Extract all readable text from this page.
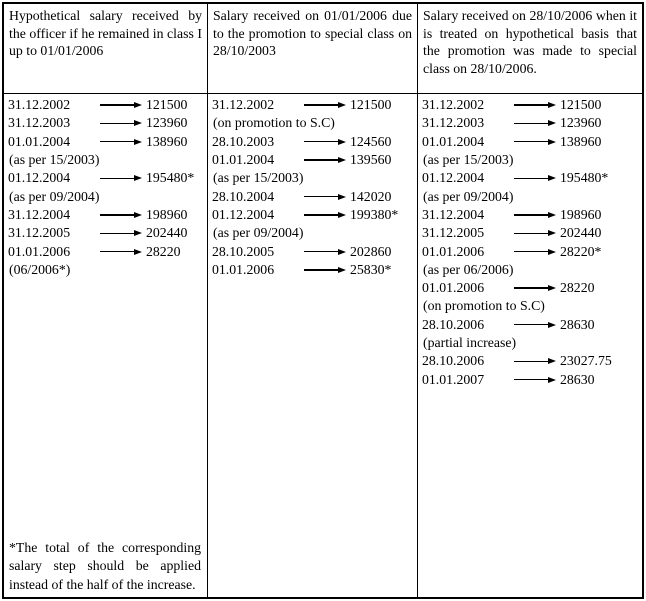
Hypothetical salary received by the officer if he remained in class I up to 01/01/2006
Salary received on 01/01/2006 due to the promotion to special class on 28/10/2003
Salary received on 28/10/2006 when it is treated on hypothetical basis that the promotion was made to special class on 28/10/2006.
31.12.2002	121500
31.12.2003	123960
01.01.2004	138960
(as per 15/2003)
01.12.2004	195480*
(as per 09/2004)
31.12.2004	198960
31.12.2005	202440
01.01.2006	28220
(06/2006*)
*The total of the corresponding salary step should be applied instead of the half of the increase.
31.12.2002	121500
(on promotion to S.C)
28.10.2003	124560
01.01.2004	139560
(as per 15/2003)
28.10.2004	142020
01.12.2004	199380*
(as per 09/2004)
28.10.2005	202860
01.01.2006	25830*
31.12.2002	121500
31.12.2003	123960
01.01.2004	138960
(as per 15/2003)
01.12.2004	195480*
(as per 09/2004)
31.12.2004	198960
31.12.2005	202440
01.01.2006	28220*
(as per 06/2006)
01.01.2006	28220
(on promotion to S.C)
28.10.2006	28630
(partial increase)
28.10.2006	23027.75
01.01.2007	28630
